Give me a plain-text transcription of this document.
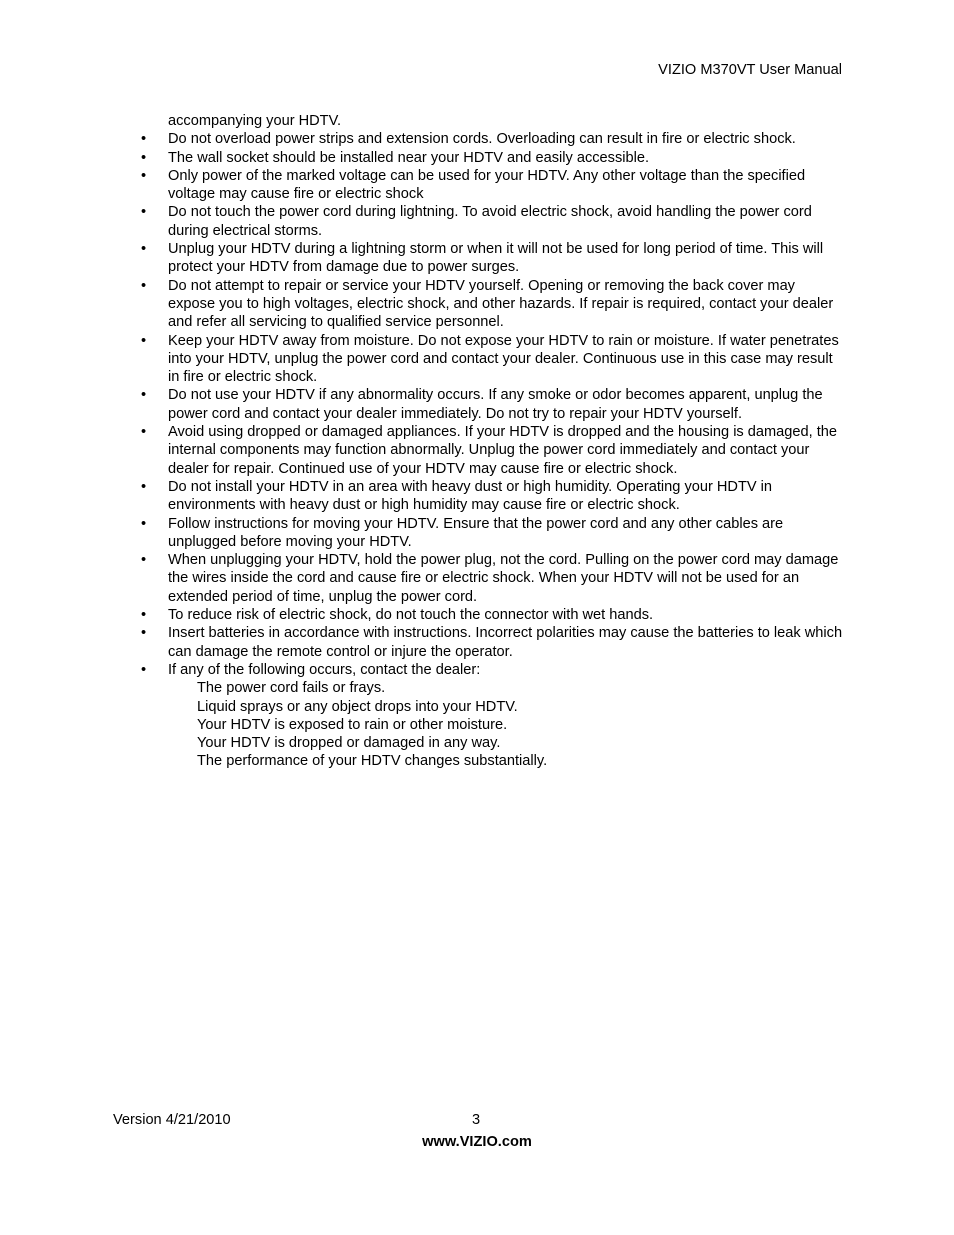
VIZIO M370VT User Manual
accompanying your HDTV.
•	Do not overload power strips and extension cords. Overloading can result in fire or electric shock.
•	The wall socket should be installed near your HDTV and easily accessible.
•	Only power of the marked voltage can be used for your HDTV. Any other voltage than the specified voltage may cause fire or electric shock
•	Do not touch the power cord during lightning. To avoid electric shock, avoid handling the power cord during electrical storms.
•	Unplug your HDTV during a lightning storm or when it will not be used for long period of time. This will protect your HDTV from damage due to power surges.
•	Do not attempt to repair or service your HDTV yourself. Opening or removing the back cover may expose you to high voltages, electric shock, and other hazards. If repair is required, contact your dealer and refer all servicing to qualified service personnel.
•	Keep your HDTV away from moisture. Do not expose your HDTV to rain or moisture. If water penetrates into your HDTV, unplug the power cord and contact your dealer. Continuous use in this case may result in fire or electric shock.
•	Do not use your HDTV if any abnormality occurs. If any smoke or odor becomes apparent, unplug the power cord and contact your dealer immediately. Do not try to repair your HDTV yourself.
•	Avoid using dropped or damaged appliances. If your HDTV is dropped and the housing is damaged, the internal components may function abnormally. Unplug the power cord immediately and contact your dealer for repair. Continued use of your HDTV may cause fire or electric shock.
•	Do not install your HDTV in an area with heavy dust or high humidity. Operating your HDTV in environments with heavy dust or high humidity may cause fire or electric shock.
•	Follow instructions for moving your HDTV. Ensure that the power cord and any other cables are unplugged before moving your HDTV.
•	When unplugging your HDTV, hold the power plug, not the cord. Pulling on the power cord may damage the wires inside the cord and cause fire or electric shock. When your HDTV will not be used for an extended period of time, unplug the power cord.
•	To reduce risk of electric shock, do not touch the connector with wet hands.
•	Insert batteries in accordance with instructions. Incorrect polarities may cause the batteries to leak which can damage the remote control or injure the operator.
•	If any of the following occurs, contact the dealer:
The power cord fails or frays.
Liquid sprays or any object drops into your HDTV.
Your HDTV is exposed to rain or other moisture.
Your HDTV is dropped or damaged in any way.
The performance of your HDTV changes substantially.
Version 4/21/2010	3
www.VIZIO.com
